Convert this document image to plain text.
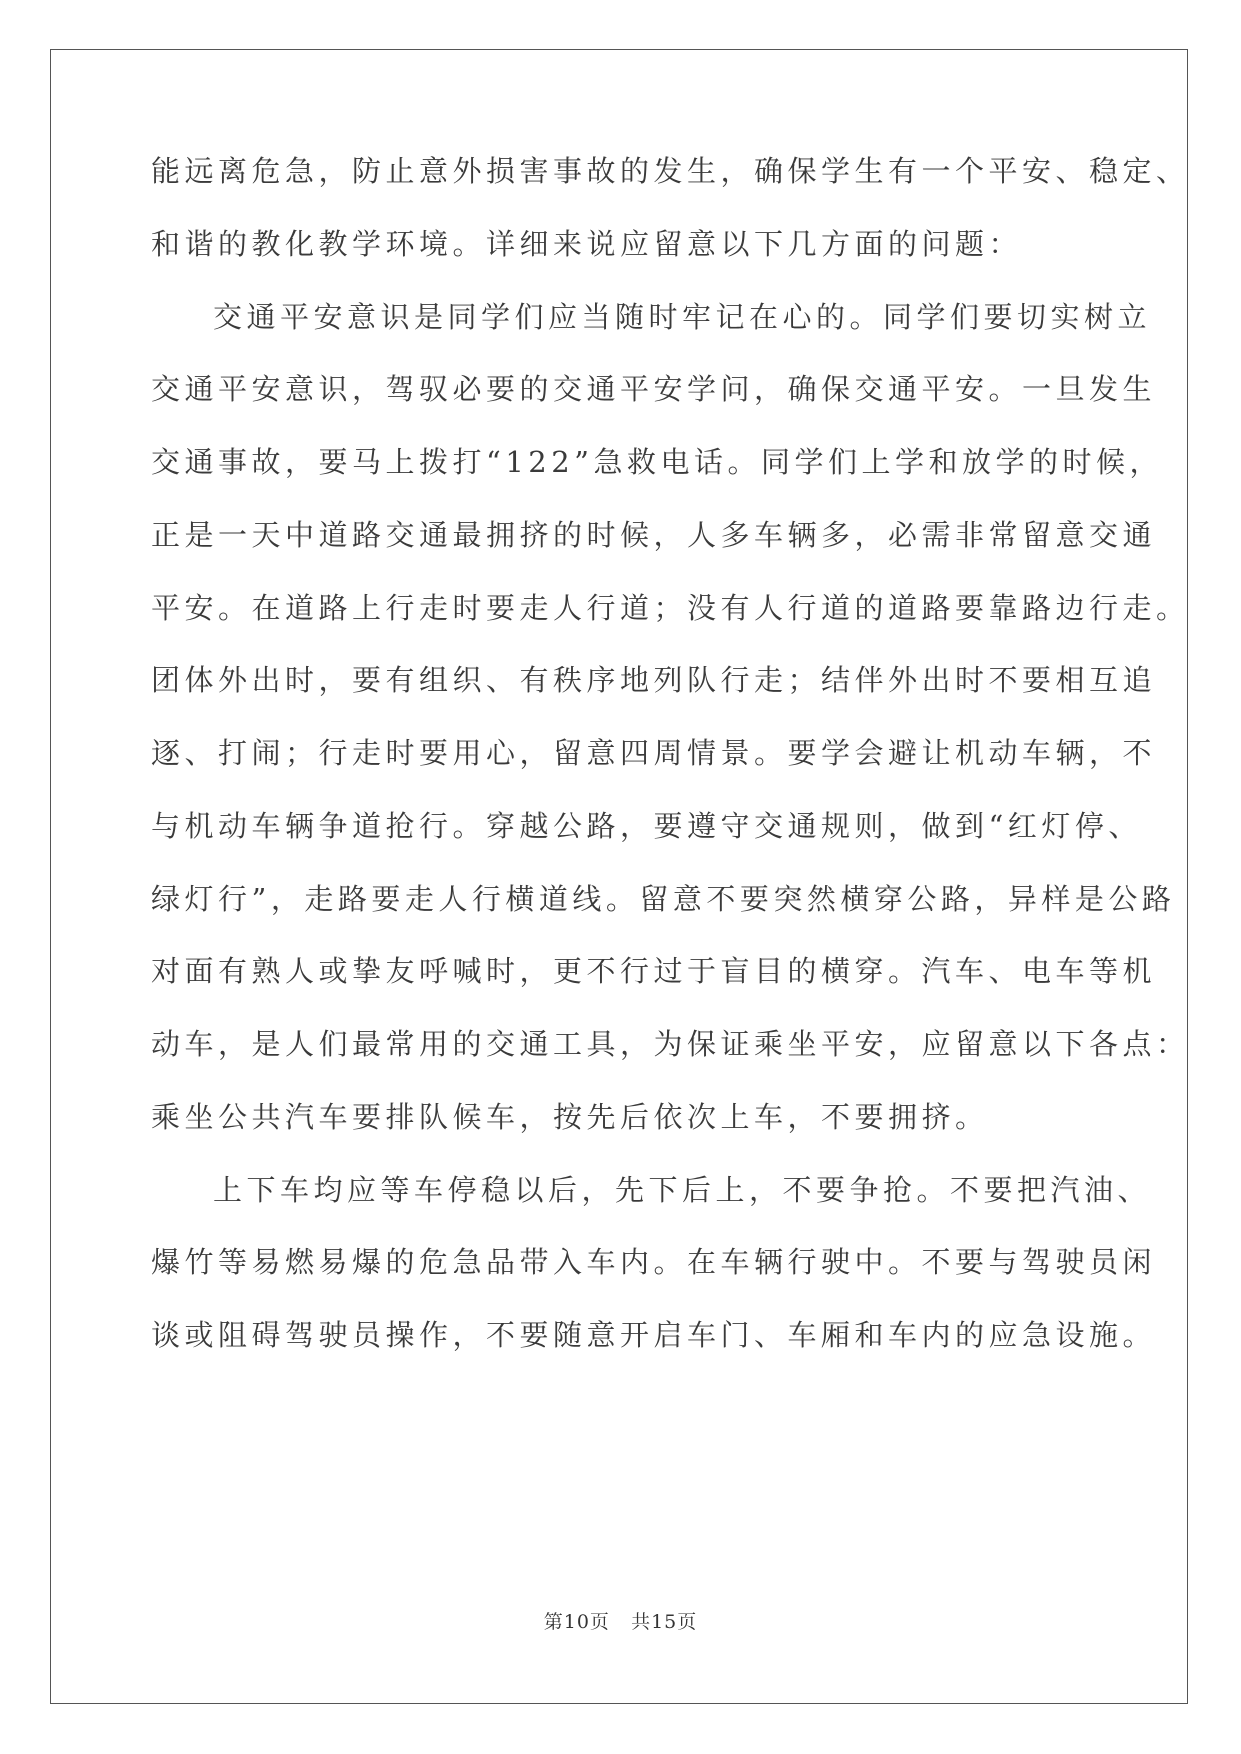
能远离危急，防止意外损害事故的发生，确保学生有一个平安、稳定、
和谐的教化教学环境。详细来说应留意以下几方面的问题：
交通平安意识是同学们应当随时牢记在心的。同学们要切实树立
交通平安意识，驾驭必要的交通平安学问，确保交通平安。一旦发生
交通事故，要马上拨打“122”急救电话。同学们上学和放学的时候，
正是一天中道路交通最拥挤的时候，人多车辆多，必需非常留意交通
平安。在道路上行走时要走人行道；没有人行道的道路要靠路边行走。
团体外出时，要有组织、有秩序地列队行走；结伴外出时不要相互追
逐、打闹；行走时要用心，留意四周情景。要学会避让机动车辆，不
与机动车辆争道抢行。穿越公路，要遵守交通规则，做到“红灯停、
绿灯行”，走路要走人行横道线。留意不要突然横穿公路，异样是公路
对面有熟人或挚友呼喊时，更不行过于盲目的横穿。汽车、电车等机
动车，是人们最常用的交通工具，为保证乘坐平安，应留意以下各点：
乘坐公共汽车要排队候车，按先后依次上车，不要拥挤。
上下车均应等车停稳以后，先下后上，不要争抢。不要把汽油、
爆竹等易燃易爆的危急品带入车内。在车辆行驶中。不要与驾驶员闲
谈或阻碍驾驶员操作，不要随意开启车门、车厢和车内的应急设施。
第10页 共15页
